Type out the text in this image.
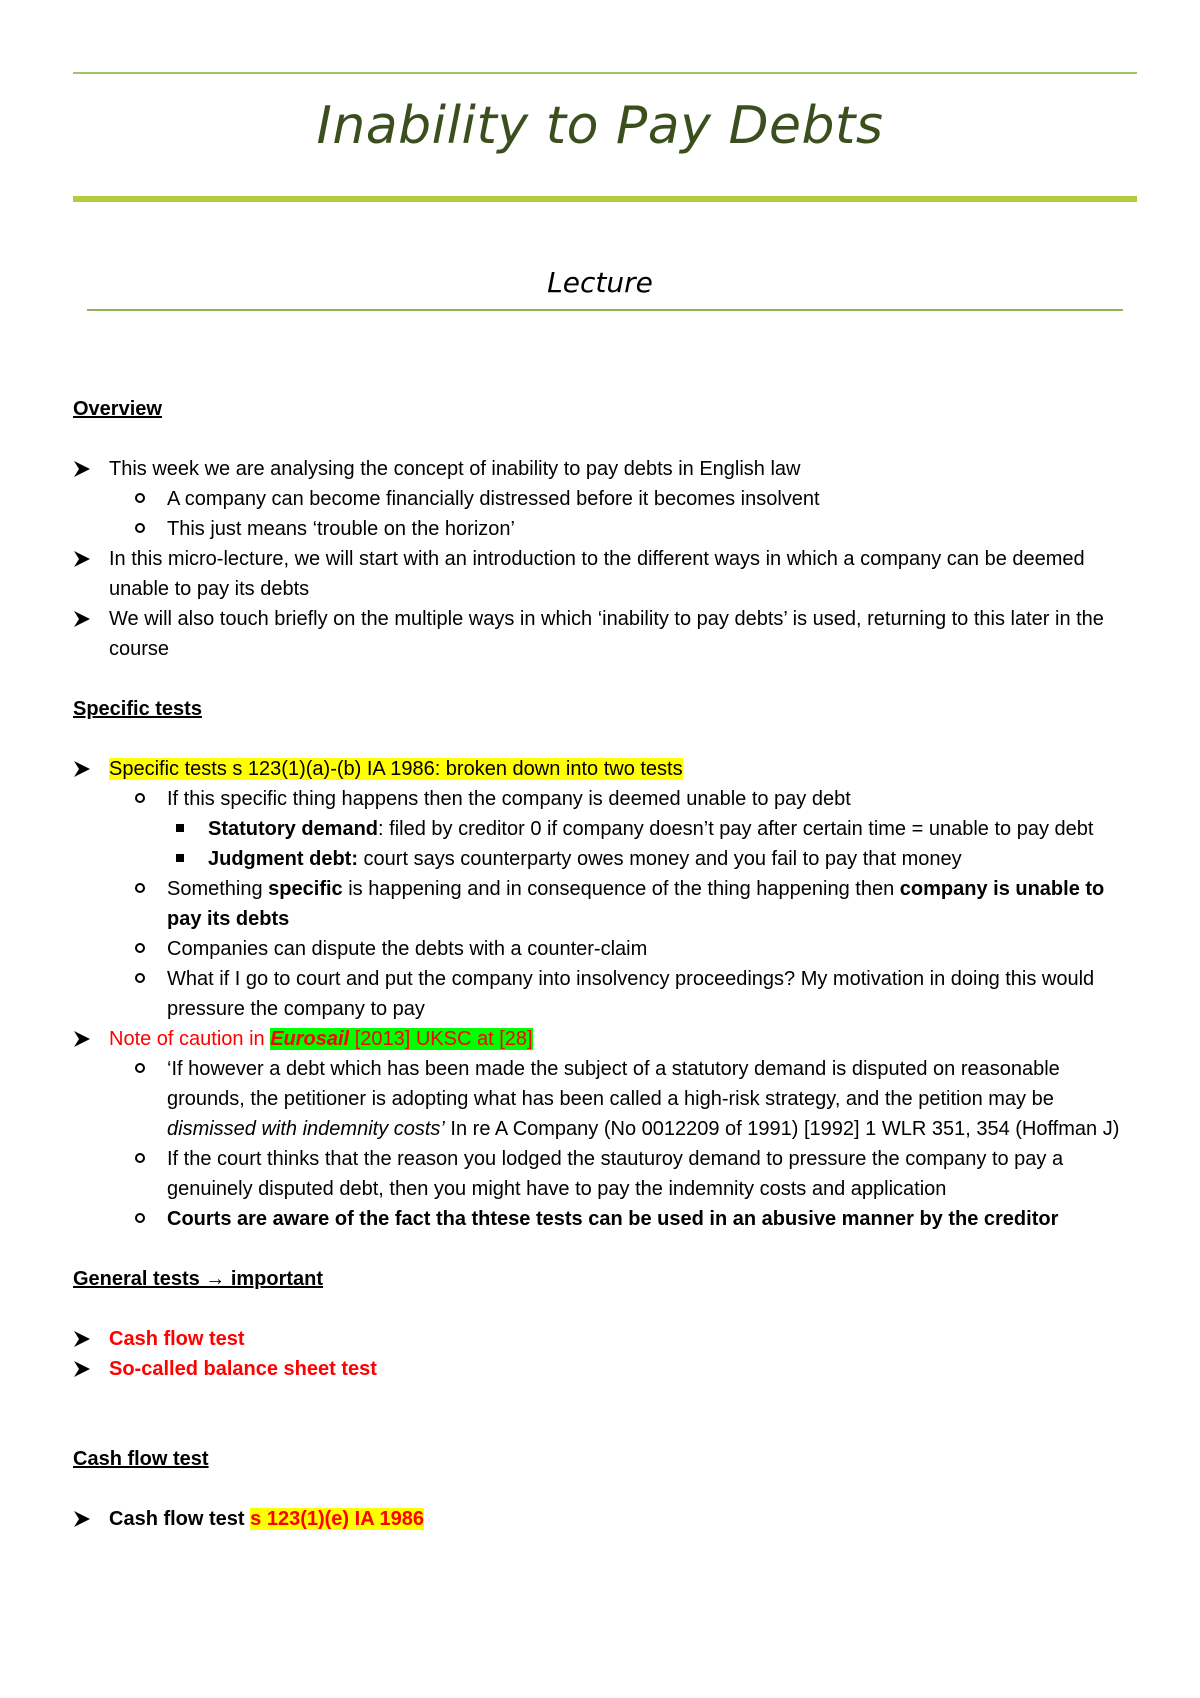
Inability to Pay Debts
Lecture
Overview
This week we are analysing the concept of inability to pay debts in English law
A company can become financially distressed before it becomes insolvent
This just means ‘trouble on the horizon’
In this micro-lecture, we will start with an introduction to the different ways in which a company can be deemed unable to pay its debts
We will also touch briefly on the multiple ways in which ‘inability to pay debts’ is used, returning to this later in the course
Specific tests
Specific tests s 123(1)(a)-(b) IA 1986: broken down into two tests
If this specific thing happens then the company is deemed unable to pay debt
Statutory demand: filed by creditor 0 if company doesn’t pay after certain time = unable to pay debt
Judgment debt: court says counterparty owes money and you fail to pay that money
Something specific is happening and in consequence of the thing happening then company is unable to pay its debts
Companies can dispute the debts with a counter-claim
What if I go to court and put the company into insolvency proceedings? My motivation in doing this would pressure the company to pay
Note of caution in Eurosail [2013] UKSC at [28]
‘If however a debt which has been made the subject of a statutory demand is disputed on reasonable grounds, the petitioner is adopting what has been called a high-risk strategy, and the petition may be dismissed with indemnity costs’ In re A Company (No 0012209 of 1991) [1992] 1 WLR 351, 354 (Hoffman J)
If the court thinks that the reason you lodged the stauturoy demand to pressure the company to pay a genuinely disputed debt, then you might have to pay the indemnity costs and application
Courts are aware of the fact tha thtese tests can be used in an abusive manner by the creditor
General tests → important
Cash flow test
So-called balance sheet test
Cash flow test
Cash flow test s 123(1)(e) IA 1986
